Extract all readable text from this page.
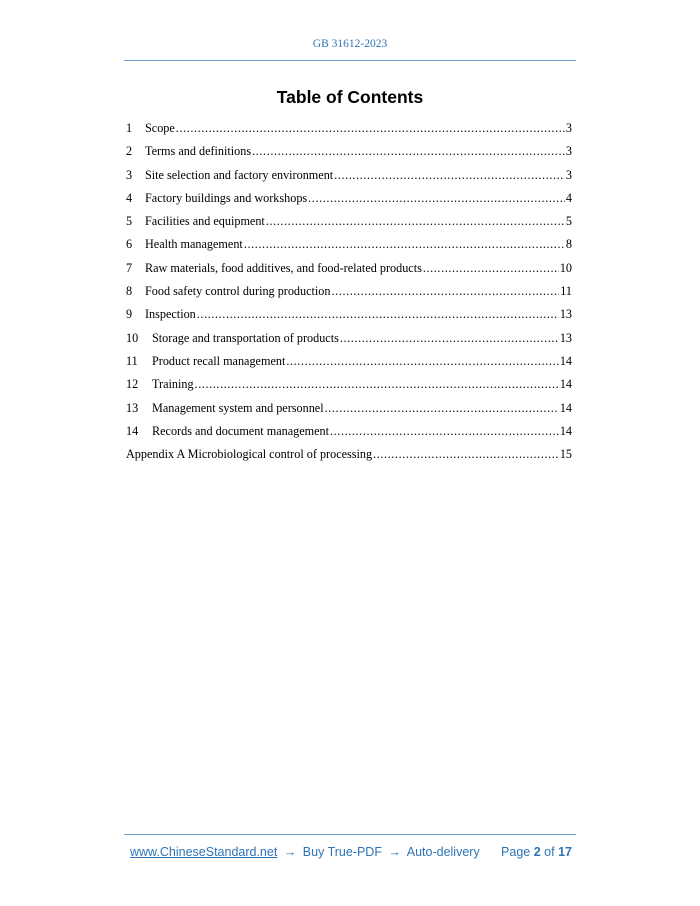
GB 31612-2023
Table of Contents
1	Scope .....	3
2	Terms and definitions .....	3
3	Site selection and factory environment .....	3
4	Factory buildings and workshops .....	4
5	Facilities and equipment .....	5
6	Health management .....	8
7	Raw materials, food additives, and food-related products .....	10
8	Food safety control during production .....	11
9	Inspection .....	13
10	Storage and transportation of products .....	13
11	Product recall management .....	14
12	Training .....	14
13	Management system and personnel .....	14
14	Records and document management .....	14
Appendix A Microbiological control of processing .....	15
www.ChineseStandard.net → Buy True-PDF → Auto-delivery Page 2 of 17
